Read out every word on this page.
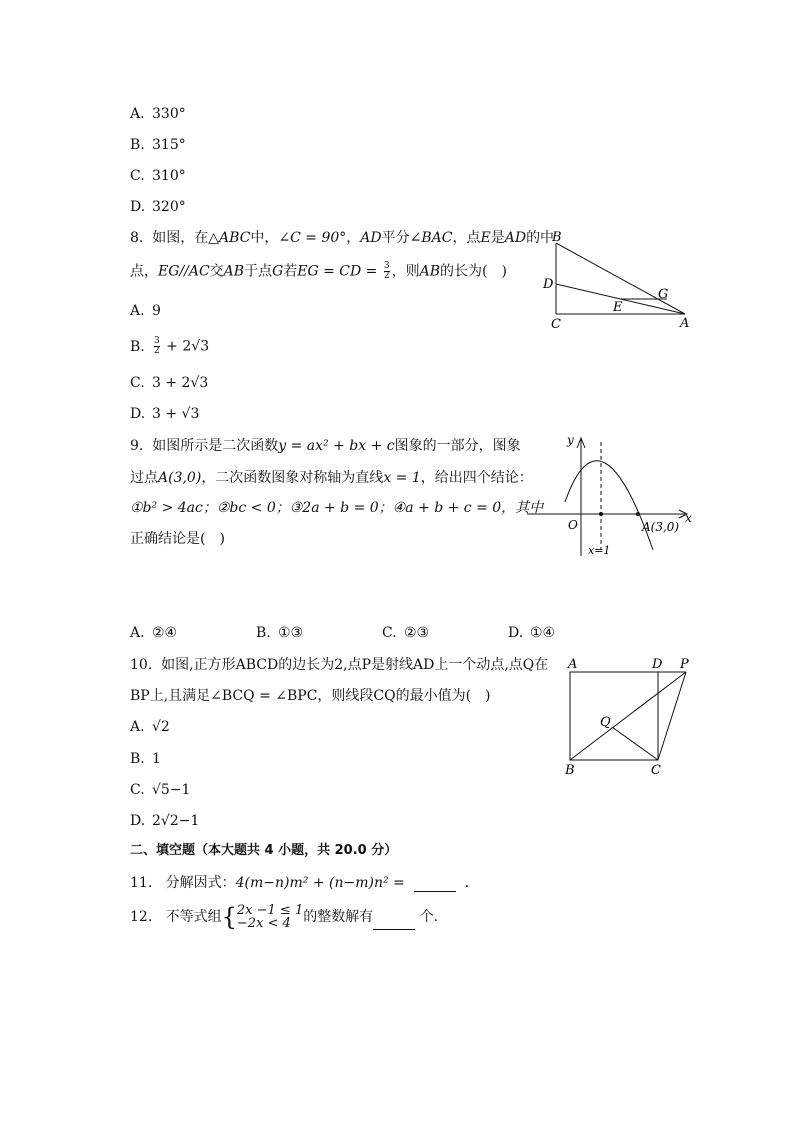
A. 330°
B. 315°
C. 310°
D. 320°
8. 如图，在△ABC中，∠C = 90°，AD平分∠BAC，点E是AD的中
点，EG//AC交AB于点G若EG = CD = $\frac{3}{2}$ ，则AB的长为(　)
A. 9
B. $\frac{3}{2} + 2√3$
C. 3 + 2√3
D. 3 + √3
B
D
C
E
G
A
9. 如图所示是二次函数y = ax² + bx + c图象的一部分，图象
过点A(3,0)，二次函数图象对称轴为直线x = 1，给出四个结论：
①b² > 4ac；②bc < 0；③2a + b = 0；④a + b + c = 0，其中
正确结论是(　)
y
x
O	A(3,0)
x=1
A. ②④	B. ①③	C. ②③	D. ①④
10. 如图,正方形ABCD的边长为2,点P是射线AD上一个动点,点Q在
BP上,且满足∠BCQ = ∠BPC，则线段CQ的最小值为(　)
A. √2
B. 1
C. √5−1
D. 2√2−1
A	D P
Q
B	C
二、填空题（本大题共 4 小题，共 20.0 分）
11. 分解因式：4(m−n)m² + (n−m)n² =	.
12. 不等式组{ 2x −1 ≤ 1
−2x < 4 的整数解有	个.
